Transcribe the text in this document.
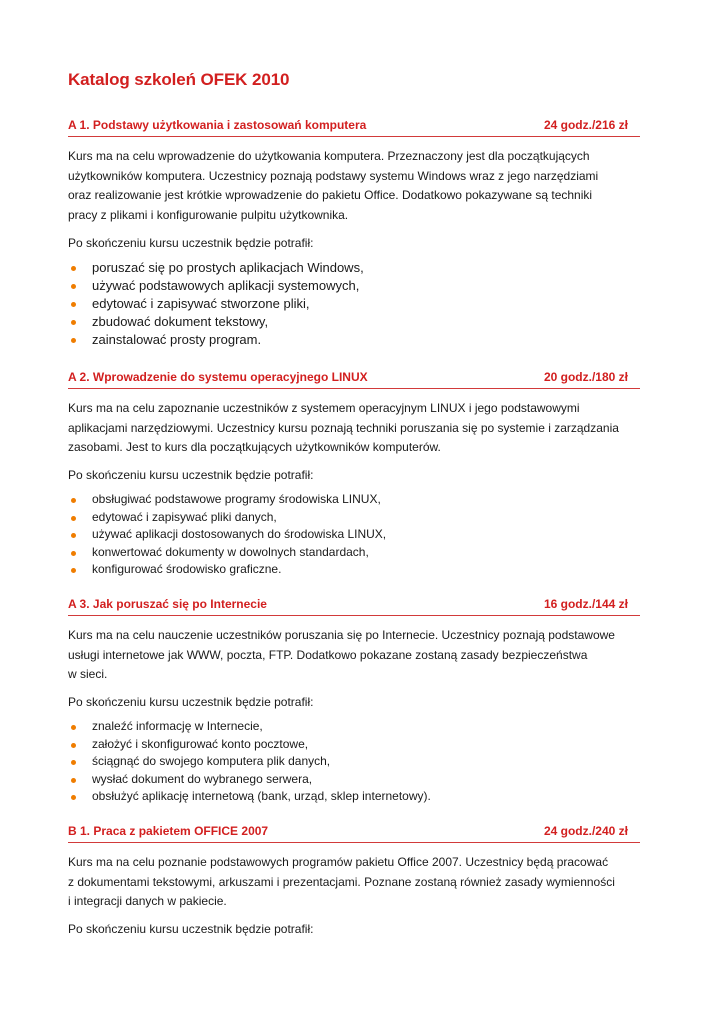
Katalog szkoleń OFEK 2010
A 1. Podstawy użytkowania i zastosowań komputera	24 godz./216 zł
Kurs ma na celu wprowadzenie do użytkowania komputera. Przeznaczony jest dla początkujących
użytkowników komputera. Uczestnicy poznają podstawy systemu Windows wraz z jego narzędziami
oraz realizowanie jest krótkie wprowadzenie do pakietu Office. Dodatkowo pokazywane są techniki
pracy z plikami i konfigurowanie pulpitu użytkownika.
Po skończeniu kursu uczestnik będzie potrafił:
poruszać się po prostych aplikacjach Windows,
używać podstawowych aplikacji systemowych,
edytować i zapisywać stworzone pliki,
zbudować dokument tekstowy,
zainstalować prosty program.
A 2. Wprowadzenie do systemu operacyjnego LINUX	20 godz./180 zł
Kurs ma na celu zapoznanie uczestników z systemem operacyjnym LINUX i jego podstawowymi
aplikacjami narzędziowymi. Uczestnicy kursu poznają techniki poruszania się po systemie i zarządzania
zasobami. Jest to kurs dla początkujących użytkowników komputerów.
Po skończeniu kursu uczestnik będzie potrafił:
obsługiwać podstawowe programy środowiska LINUX,
edytować i zapisywać pliki danych,
używać aplikacji dostosowanych do środowiska LINUX,
konwertować dokumenty w dowolnych standardach,
konfigurować środowisko graficzne.
A 3. Jak poruszać się po Internecie	16 godz./144 zł
Kurs ma na celu nauczenie uczestników poruszania się po Internecie. Uczestnicy poznają podstawowe
usługi internetowe jak WWW, poczta, FTP. Dodatkowo pokazane zostaną zasady bezpieczeństwa
w sieci.
Po skończeniu kursu uczestnik będzie potrafił:
znaleźć informację w Internecie,
założyć i skonfigurować konto pocztowe,
ściągnąć do swojego komputera plik danych,
wysłać dokument do wybranego serwera,
obsłużyć aplikację internetową (bank, urząd, sklep internetowy).
B 1. Praca z pakietem OFFICE 2007	24 godz./240 zł
Kurs ma na celu poznanie podstawowych programów pakietu Office 2007. Uczestnicy będą pracować
z dokumentami tekstowymi, arkuszami i prezentacjami. Poznane zostaną również zasady wymienności
i integracji danych w pakiecie.
Po skończeniu kursu uczestnik będzie potrafił:
